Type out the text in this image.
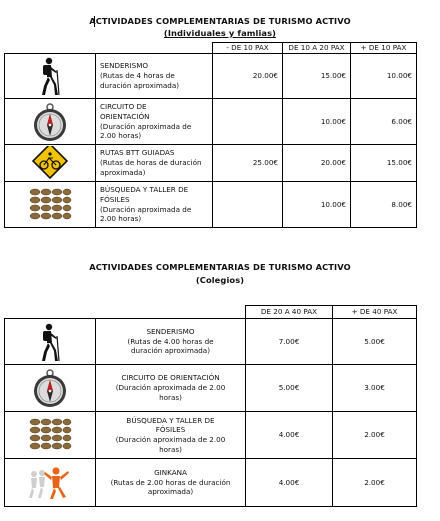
ACTIVIDADES COMPLEMENTARIAS DE TURISMO ACTIVO
(Individuales y famlias)
		- DE 10 PAX	DE 10 A 20 PAX	+ DE 10 PAX

SENDERISMO
(Rutas de 4 horas de
duración aproximada)	20.00€	15.00€	10.00€

CIRCUITO DE
ORIENTACIÓN
(Duración aproximada de
2.00 horas)		10.00€	6.00€

RUTAS BTT GUIADAS
(Rutas de horas de duración
aproximada)	25.00€	20.00€	15.00€

BÚSQUEDA Y TALLER DE
FÓSILES
(Duración aproximada de
2.00 horas)		10.00€	8.00€
ACTIVIDADES COMPLEMENTARIAS DE TURISMO ACTIVO
(Colegios)
		DE 20 A 40 PAX	+ DE 40 PAX

SENDERISMO
(Rutas de 4.00 horas de
duración aproximada)	7.00€	5.00€

CIRCUITO DE ORIENTACIÓN
(Duración aproximada de 2.00
horas)	5.00€	3.00€

BÚSQUEDA Y TALLER DE
FÓSILES
(Duración aproximada de 2.00
horas)	4.00€	2.00€

GINKANA
(Rutas de 2.00 horas de duración
aproximada)	4.00€	2.00€
